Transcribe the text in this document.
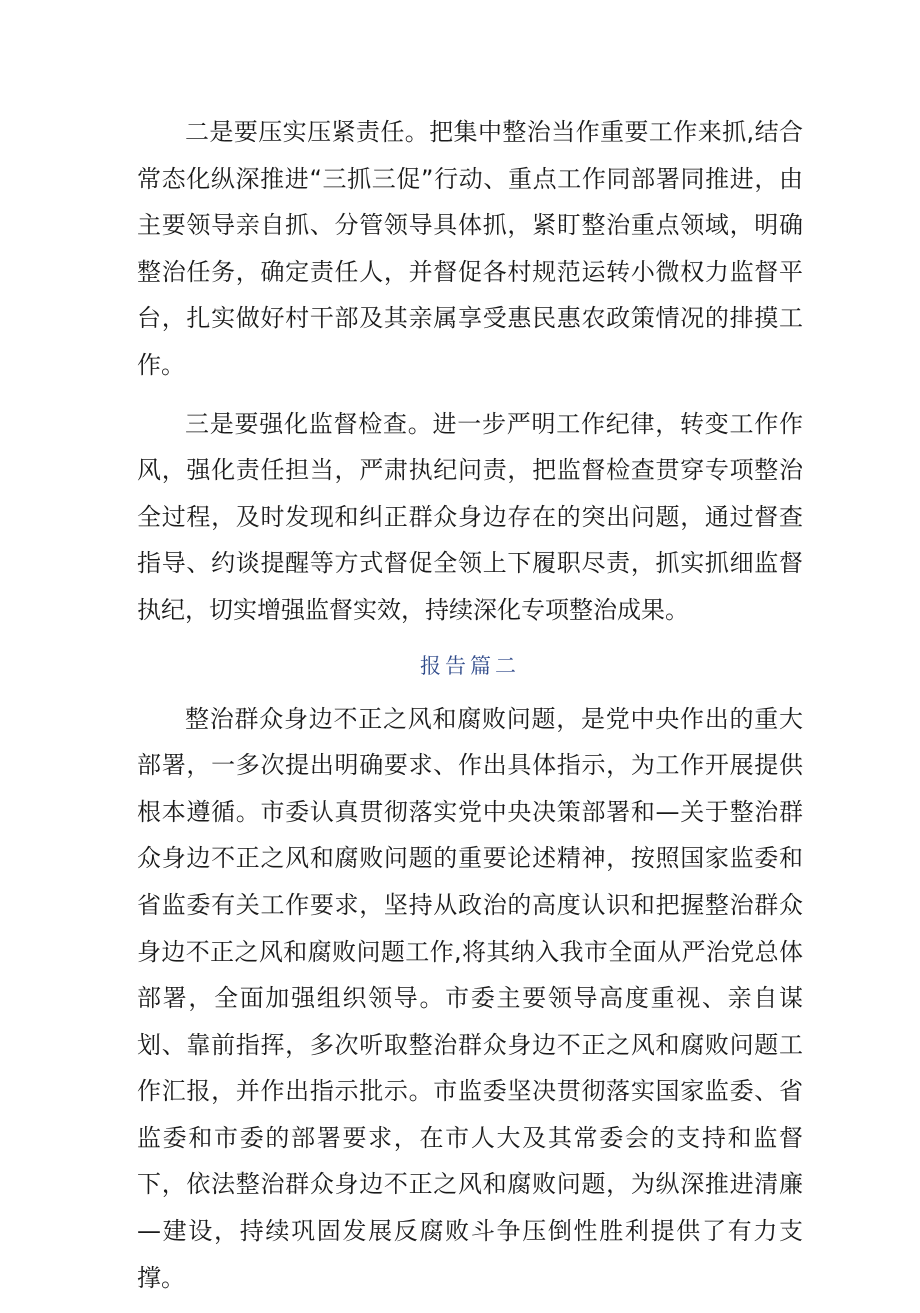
二是要压实压紧责任。把集中整治当作重要工作来抓,结合常态化纵深推进“三抓三促”行动、重点工作同部署同推进，由主要领导亲自抓、分管领导具体抓，紧盯整治重点领域，明确整治任务，确定责任人，并督促各村规范运转小微权力监督平台，扎实做好村干部及其亲属享受惠民惠农政策情况的排摸工作。

三是要强化监督检查。进一步严明工作纪律，转变工作作风，强化责任担当，严肃执纪问责，把监督检查贯穿专项整治全过程，及时发现和纠正群众身边存在的突出问题，通过督查指导、约谈提醒等方式督促全领上下履职尽责，抓实抓细监督执纪，切实增强监督实效，持续深化专项整治成果。

报告篇二

整治群众身边不正之风和腐败问题，是党中央作出的重大部署，一多次提出明确要求、作出具体指示，为工作开展提供根本遵循。市委认真贯彻落实党中央决策部署和—关于整治群众身边不正之风和腐败问题的重要论述精神，按照国家监委和省监委有关工作要求，坚持从政治的高度认识和把握整治群众身边不正之风和腐败问题工作,将其纳入我市全面从严治党总体部署，全面加强组织领导。市委主要领导高度重视、亲自谋划、靠前指挥，多次听取整治群众身边不正之风和腐败问题工作汇报，并作出指示批示。市监委坚决贯彻落实国家监委、省监委和市委的部署要求，在市人大及其常委会的支持和监督下，依法整治群众身边不正之风和腐败问题，为纵深推进清廉—建设，持续巩固发展反腐败斗争压倒性胜利提供了有力支撑。
